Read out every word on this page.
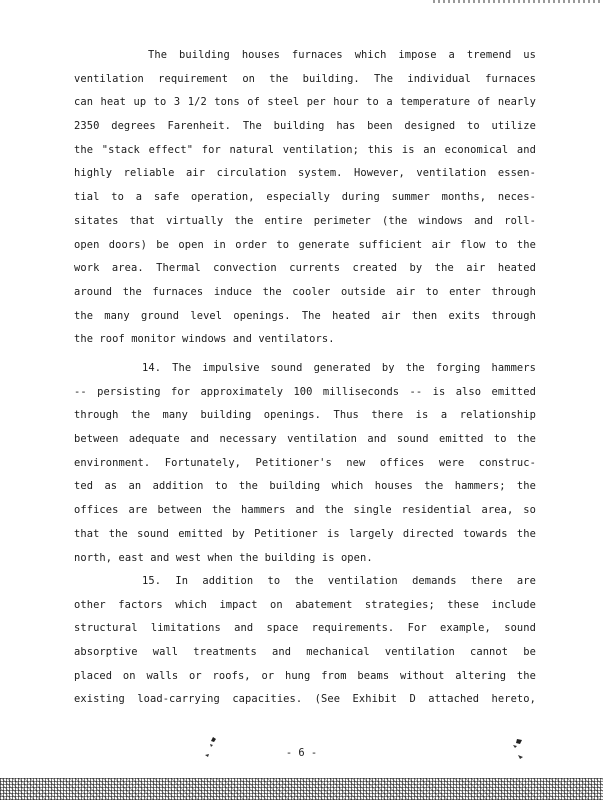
The building houses furnaces which impose a tremend us
ventilation requirement on the building. The individual furnaces
can heat up to 3 1/2 tons of steel per hour to a temperature of nearly
2350 degrees Farenheit. The building has been designed to utilize
the "stack effect" for natural ventilation; this is an economical and
highly reliable air circulation system. However, ventilation essen-
tial to a safe operation, especially during summer months, neces-
sitates that virtually the entire perimeter (the windows and roll-
open doors) be open in order to generate sufficient air flow to the
work area. Thermal convection currents created by the air heated
around the furnaces induce the cooler outside air to enter through
the many ground level openings. The heated air then exits through
the roof monitor windows and ventilators.
14. The impulsive sound generated by the forging hammers
-- persisting for approximately 100 milliseconds -- is also emitted
through the many building openings. Thus there is a relationship
between adequate and necessary ventilation and sound emitted to the
environment. Fortunately, Petitioner's new offices were construc-
ted as an addition to the building which houses the hammers; the
offices are between the hammers and the single residential area, so
that the sound emitted by Petitioner is largely directed towards the
north, east and west when the building is open.
15. In addition to the ventilation demands there are
other factors which impact on abatement strategies; these include
structural limitations and space requirements. For example, sound
absorptive wall treatments and mechanical ventilation cannot be
placed on walls or roofs, or hung from beams without altering the
existing load-carrying capacities. (See Exhibit D attached hereto,
- 6 -
